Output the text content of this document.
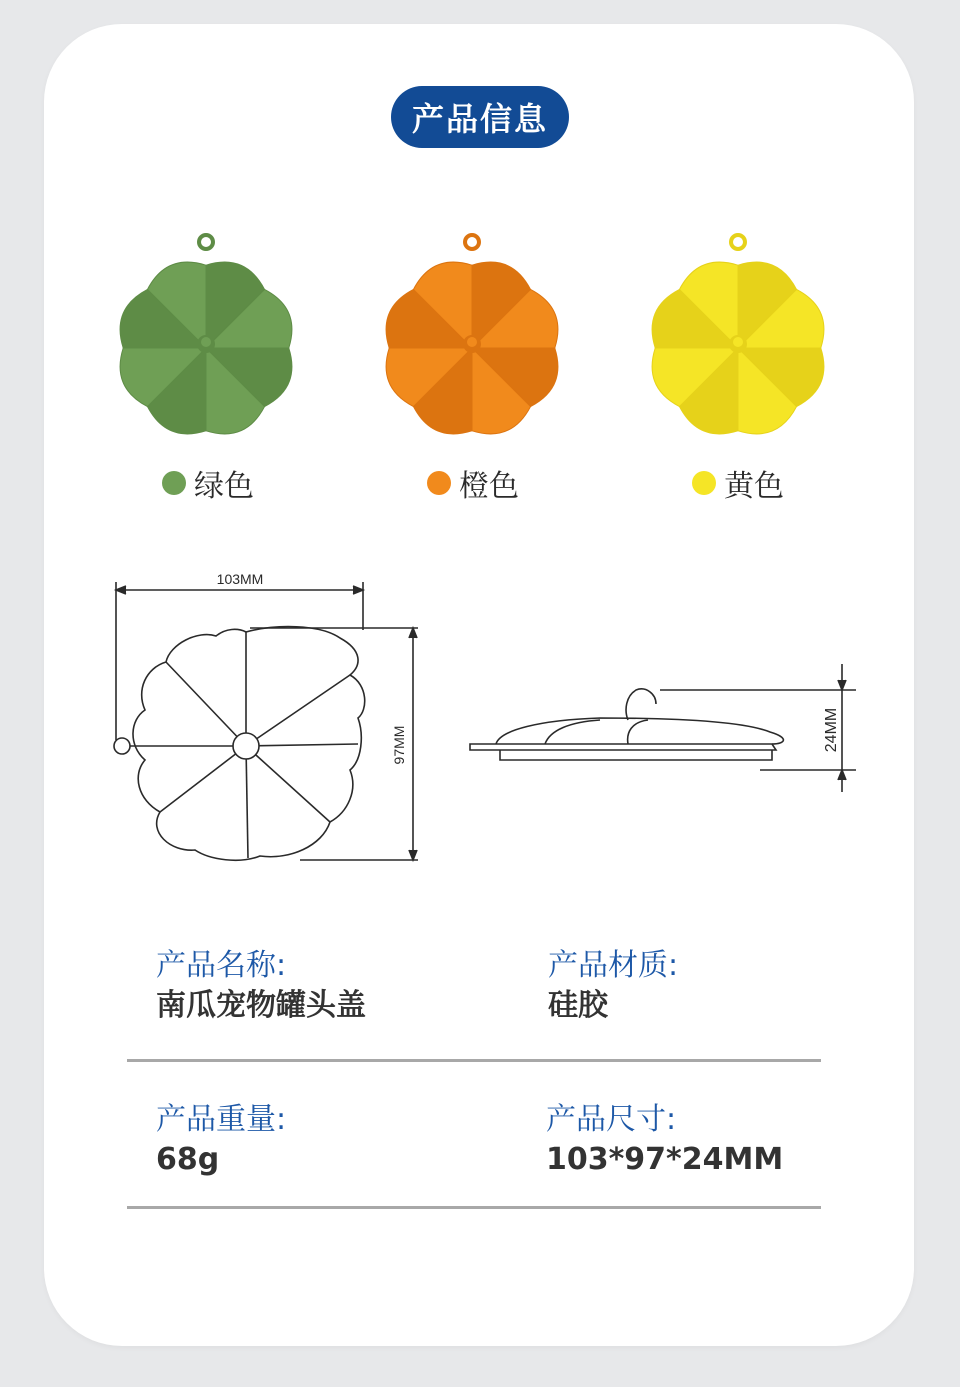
产品信息
绿色	橙色	黄色
103MM
97MM	24MM
产品名称:
南瓜宠物罐头盖
产品材质:
硅胶
产品重量:
68g
产品尺寸:
103*97*24MM
